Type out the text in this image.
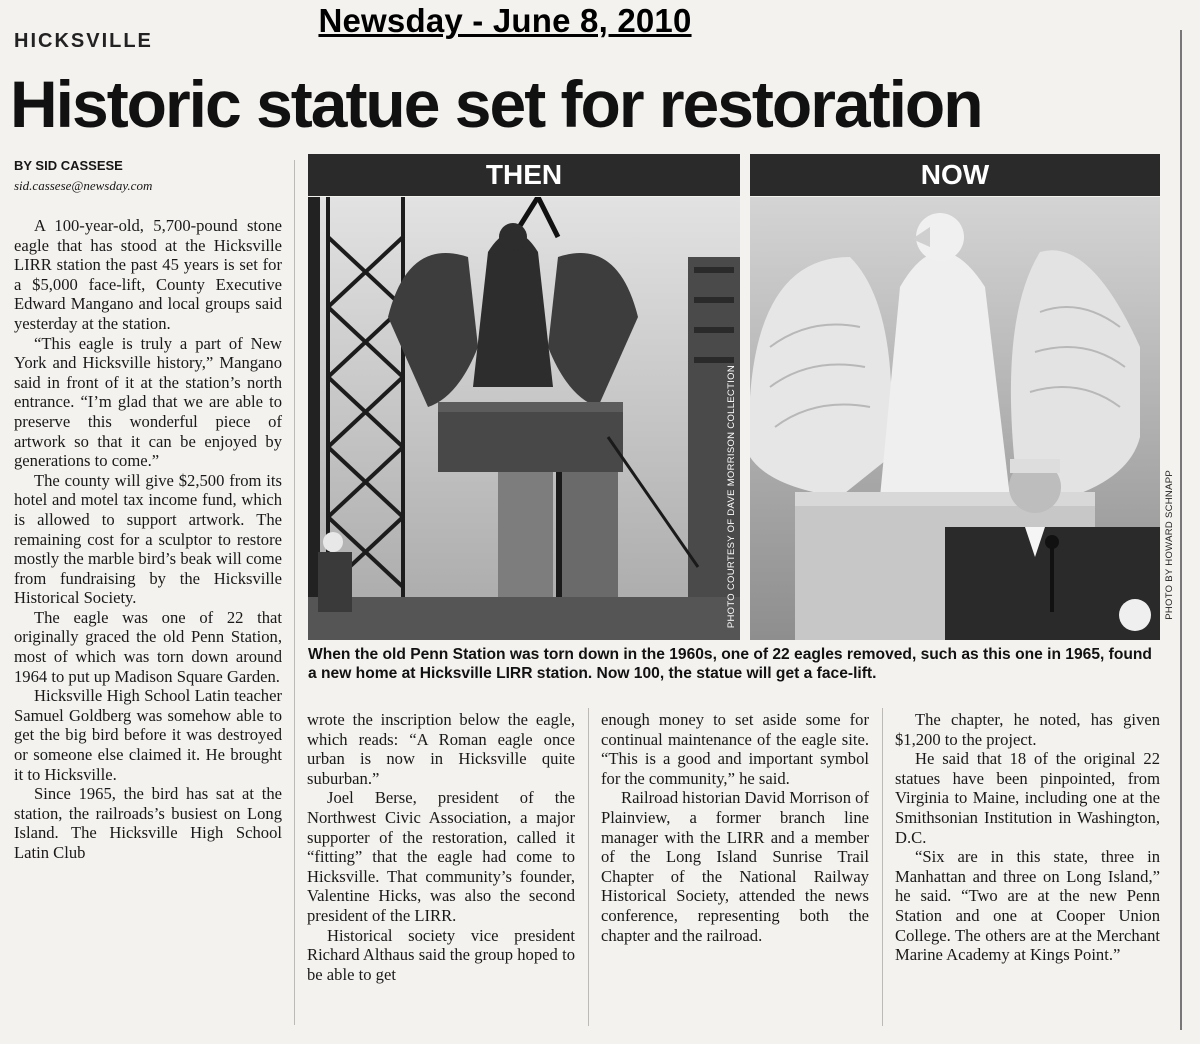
Newsday - June 8, 2010
HICKSVILLE
Historic statue set for restoration
BY SID CASSESE
sid.cassese@newsday.com

A 100-year-old, 5,700-pound stone eagle that has stood at the Hicksville LIRR station the past 45 years is set for a $5,000 face-lift, County Executive Edward Mangano and local groups said yesterday at the station.

“This eagle is truly a part of New York and Hicksville history,” Mangano said in front of it at the station’s north entrance. “I’m glad that we are able to preserve this wonderful piece of artwork so that it can be enjoyed by generations to come.”

The county will give $2,500 from its hotel and motel tax income fund, which is allowed to support artwork. The remaining cost for a sculptor to restore mostly the marble bird’s beak will come from fundraising by the Hicksville Historical Society.

The eagle was one of 22 that originally graced the old Penn Station, most of which was torn down around 1964 to put up Madison Square Garden.

Hicksville High School Latin teacher Samuel Goldberg was somehow able to get the big bird before it was destroyed or someone else claimed it. He brought it to Hicksville.

Since 1965, the bird has sat at the station, the railroads’s busiest on Long Island. The Hicksville High School Latin Club

THEN	NOW
PHOTO COURTESY OF DAVE MORRISON COLLECTION	PHOTO BY HOWARD SCHNAPP
When the old Penn Station was torn down in the 1960s, one of 22 eagles removed, such as this one in 1965, found a new home at Hicksville LIRR station. Now 100, the statue will get a face-lift.

wrote the inscription below the eagle, which reads: “A Roman eagle once urban is now in Hicksville quite suburban.”

Joel Berse, president of the Northwest Civic Association, a major supporter of the restoration, called it “fitting” that the eagle had come to Hicksville. That community’s founder, Valentine Hicks, was also the second president of the LIRR.

Historical society vice president Richard Althaus said the group hoped to be able to get

enough money to set aside some for continual maintenance of the eagle site. “This is a good and important symbol for the community,” he said.

Railroad historian David Morrison of Plainview, a former branch line manager with the LIRR and a member of the Long Island Sunrise Trail Chapter of the National Railway Historical Society, attended the news conference, representing both the chapter and the railroad.

The chapter, he noted, has given $1,200 to the project.

He said that 18 of the original 22 statues have been pinpointed, from Virginia to Maine, including one at the Smithsonian Institution in Washington, D.C.

“Six are in this state, three in Manhattan and three on Long Island,” he said. “Two are at the new Penn Station and one at Cooper Union College. The others are at the Merchant Marine Academy at Kings Point.”
